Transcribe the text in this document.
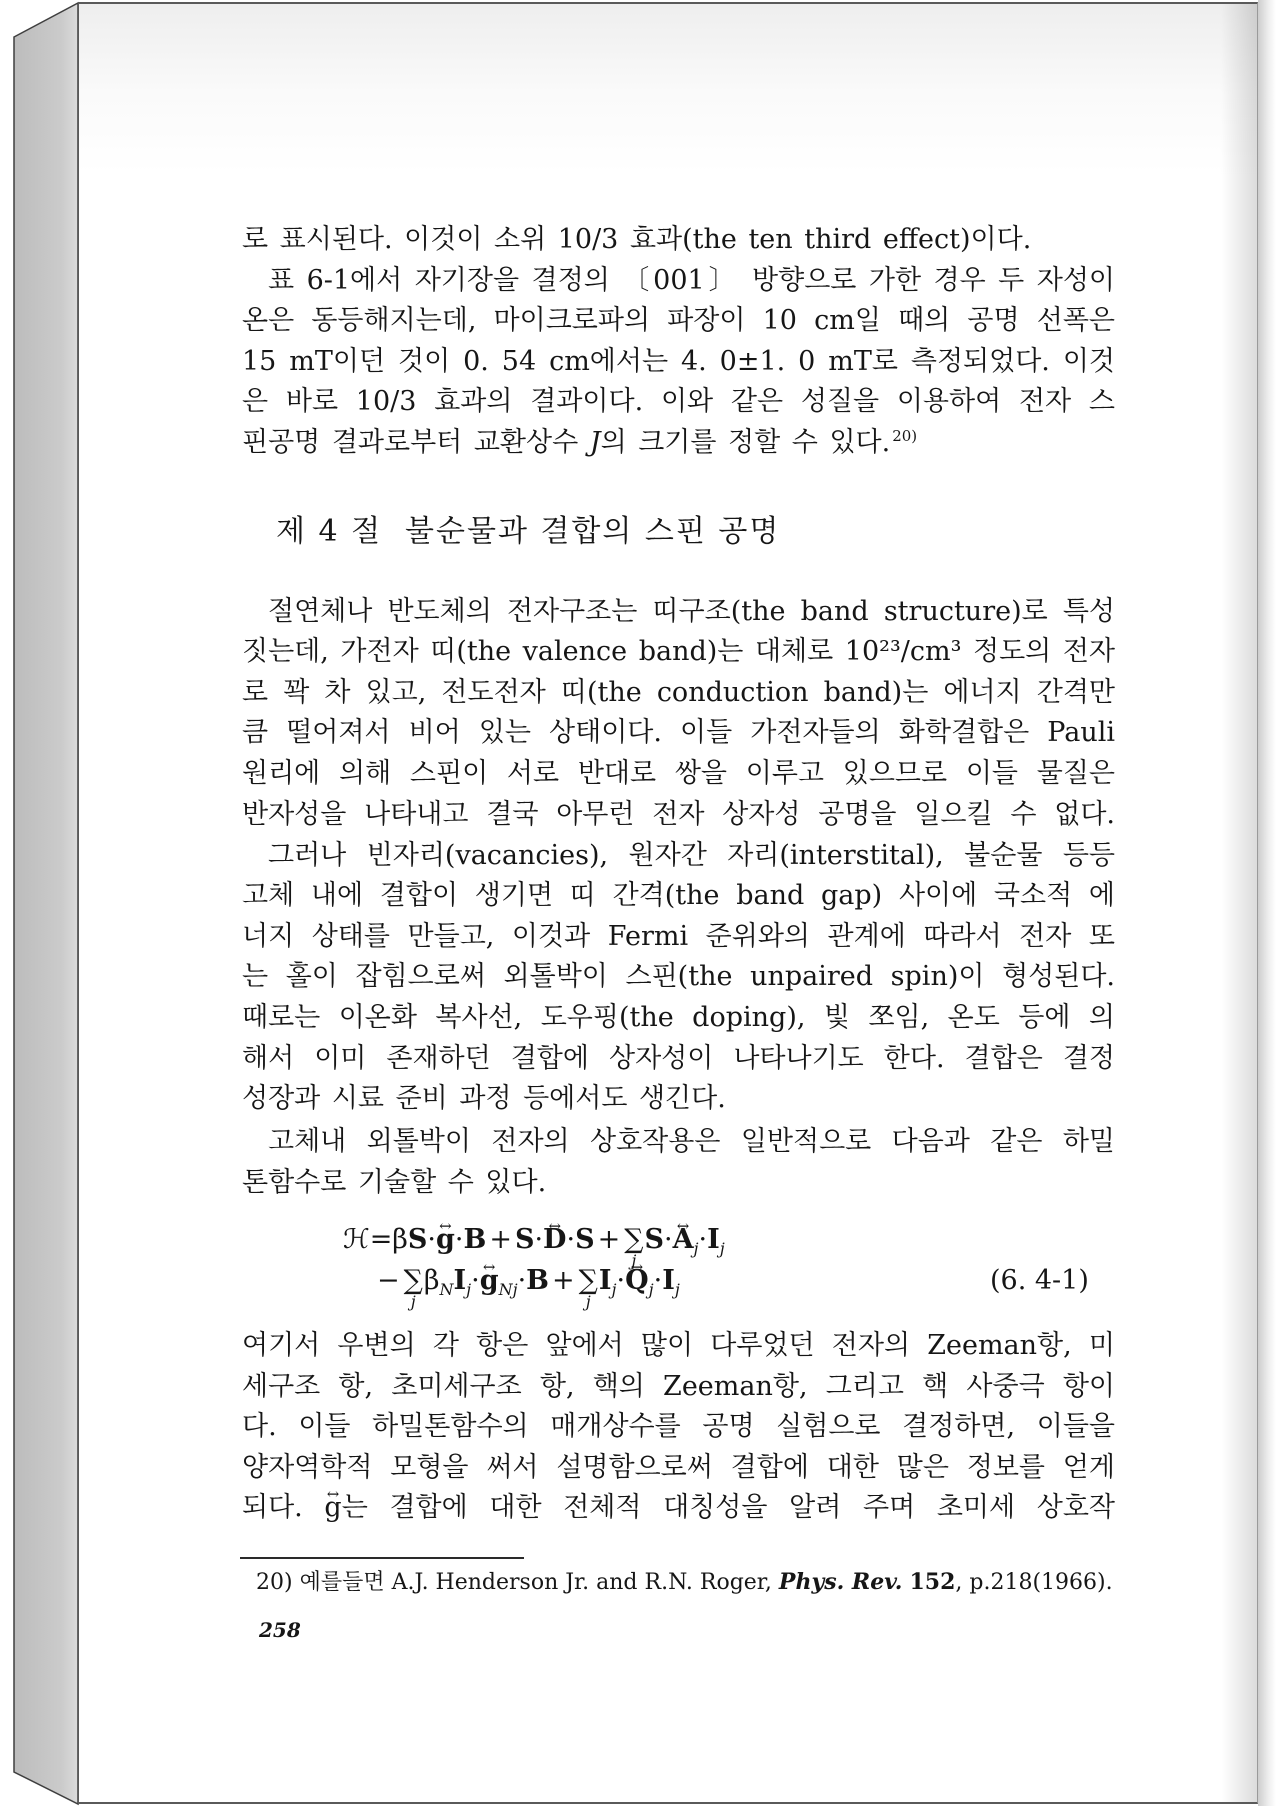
로 표시된다. 이것이 소위 10/3 효과(the ten third effect)이다.
표 6-1에서 자기장을 결정의 〔001〕 방향으로 가한 경우 두 자성이
온은 동등해지는데, 마이크로파의 파장이 10 cm일 때의 공명 선폭은
15 mT이던 것이 0. 54 cm에서는 4. 0±1. 0 mT로 측정되었다. 이것
은 바로 10/3 효과의 결과이다. 이와 같은 성질을 이용하여 전자 스
핀공명 결과로부터 교환상수 J의 크기를 정할 수 있다. $^{20)}$
제 4 절 불순물과 결합의 스핀 공명
절연체나 반도체의 전자구조는 띠구조(the band structure)로 특성
짓는데, 가전자 띠(the valence band)는 대체로 10²³/cm³ 정도의 전자
로 꽉 차 있고, 전도전자 띠(the conduction band)는 에너지 간격만
큼 떨어져서 비어 있는 상태이다. 이들 가전자들의 화학결합은 Pauli
원리에 의해 스핀이 서로 반대로 쌍을 이루고 있으므로 이들 물질은
반자성을 나타내고 결국 아무런 전자 상자성 공명을 일으킬 수 없다.
그러나 빈자리(vacancies), 원자간 자리(interstital), 불순물 등등
고체 내에 결합이 생기면 띠 간격(the band gap) 사이에 국소적 에
너지 상태를 만들고, 이것과 Fermi 준위와의 관계에 따라서 전자 또
는 홀이 잡힘으로써 외톨박이 스핀(the unpaired spin)이 형성된다.
때로는 이온화 복사선, 도우핑(the doping), 빛 쪼임, 온도 등에 의
해서 이미 존재하던 결합에 상자성이 나타나기도 한다. 결합은 결정
성장과 시료 준비 과정 등에서도 생긴다.
고체내 외톨박이 전자의 상호작용은 일반적으로 다음과 같은 하밀
톤함수로 기술할 수 있다.
ℋ=βS·↔ g·B + S·↔ D·S + ∑
j
S·↔ $A_j\cdot I_j$
− ∑
j
$\beta_NI_j\cdot\leftrightarrow$ $g_{Nj}\cdot B$ + ∑
j
$I_j\cdot\leftrightarrow$ $Q_j\cdot I_j$	(6. 4-1)
여기서 우변의 각 항은 앞에서 많이 다루었던 전자의 Zeeman항, 미
세구조 항, 초미세구조 항, 핵의 Zeeman항, 그리고 핵 사중극 항이
다. 이들 하밀톤함수의 매개상수를 공명 실험으로 결정하면, 이들을
양자역학적 모형을 써서 설명함으로써 결합에 대한 많은 정보를 얻게
되다. ↔ g는 결합에 대한 전체적 대칭성을 알려 주며 초미세 상호작
20) 예를들면 A.J. Henderson Jr. and R.N. Roger, Phys. Rev. 152, p.218(1966).
258
